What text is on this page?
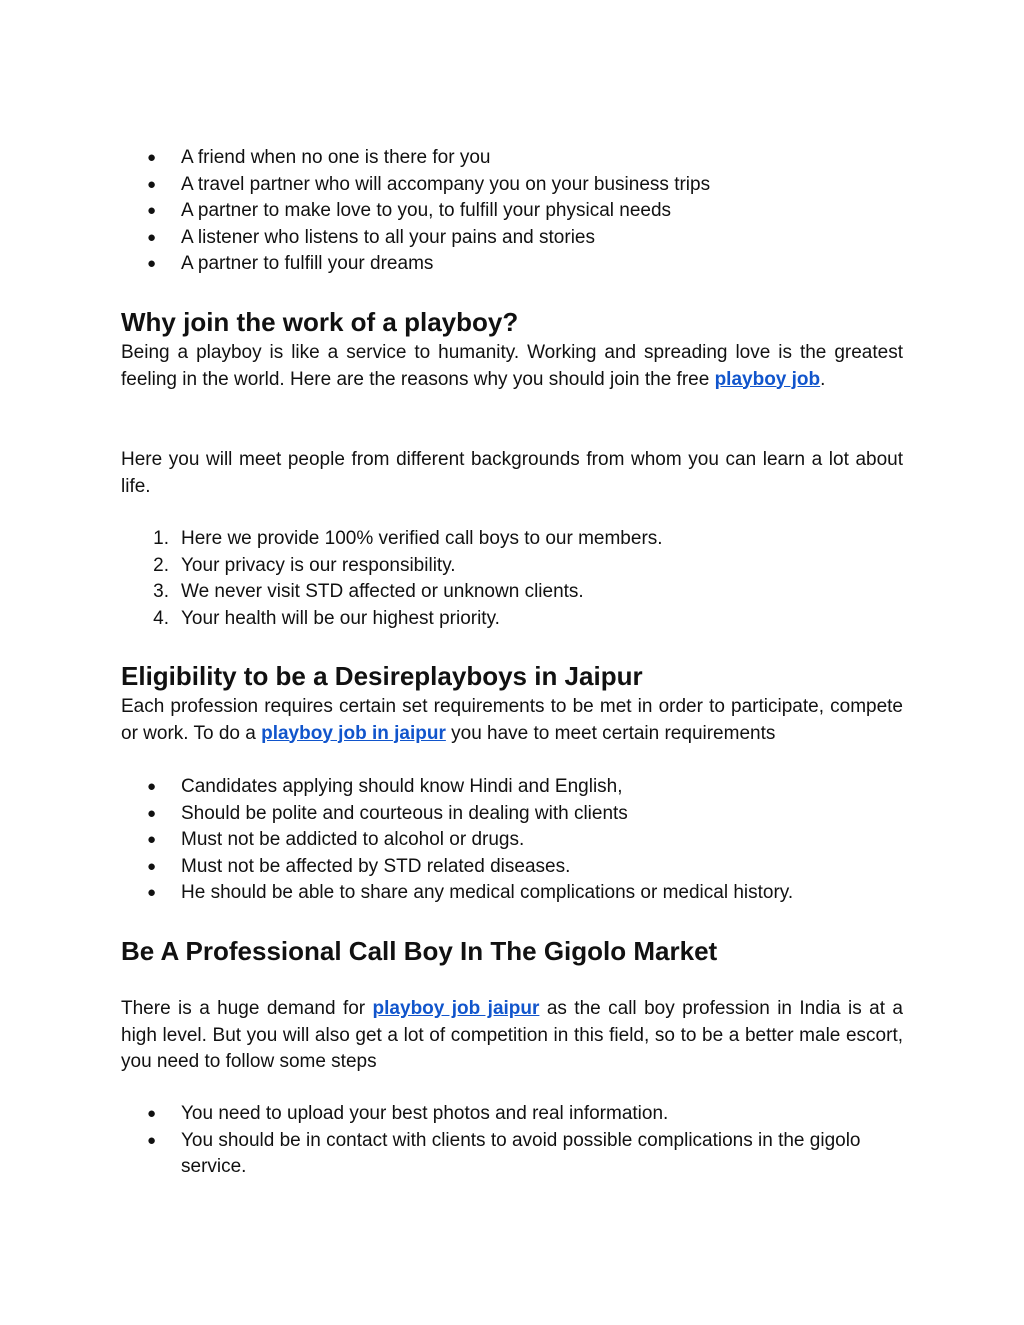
● A friend when no one is there for you
● A travel partner who will accompany you on your business trips
● A partner to make love to you, to fulfill your physical needs
● A listener who listens to all your pains and stories
● A partner to fulfill your dreams
Why join the work of a playboy?

Being a playboy is like a service to humanity. Working and spreading love is the greatest feeling in the world. Here are the reasons why you should join the free playboy job.

Here you will meet people from different backgrounds from whom you can learn a lot about life.

1. Here we provide 100% verified call boys to our members.
2. Your privacy is our responsibility.
3. We never visit STD affected or unknown clients.
4. Your health will be our highest priority.
Eligibility to be a Desireplayboys in Jaipur

Each profession requires certain set requirements to be met in order to participate, compete or work. To do a playboy job in jaipur you have to meet certain requirements

● Candidates applying should know Hindi and English,
● Should be polite and courteous in dealing with clients
● Must not be addicted to alcohol or drugs.
● Must not be affected by STD related diseases.
● He should be able to share any medical complications or medical history.
Be A Professional Call Boy In The Gigolo Market

There is a huge demand for playboy job jaipur as the call boy profession in India is at a high level. But you will also get a lot of competition in this field, so to be a better male escort, you need to follow some steps

● You need to upload your best photos and real information.
● You should be in contact with clients to avoid possible complications in the gigolo service.
